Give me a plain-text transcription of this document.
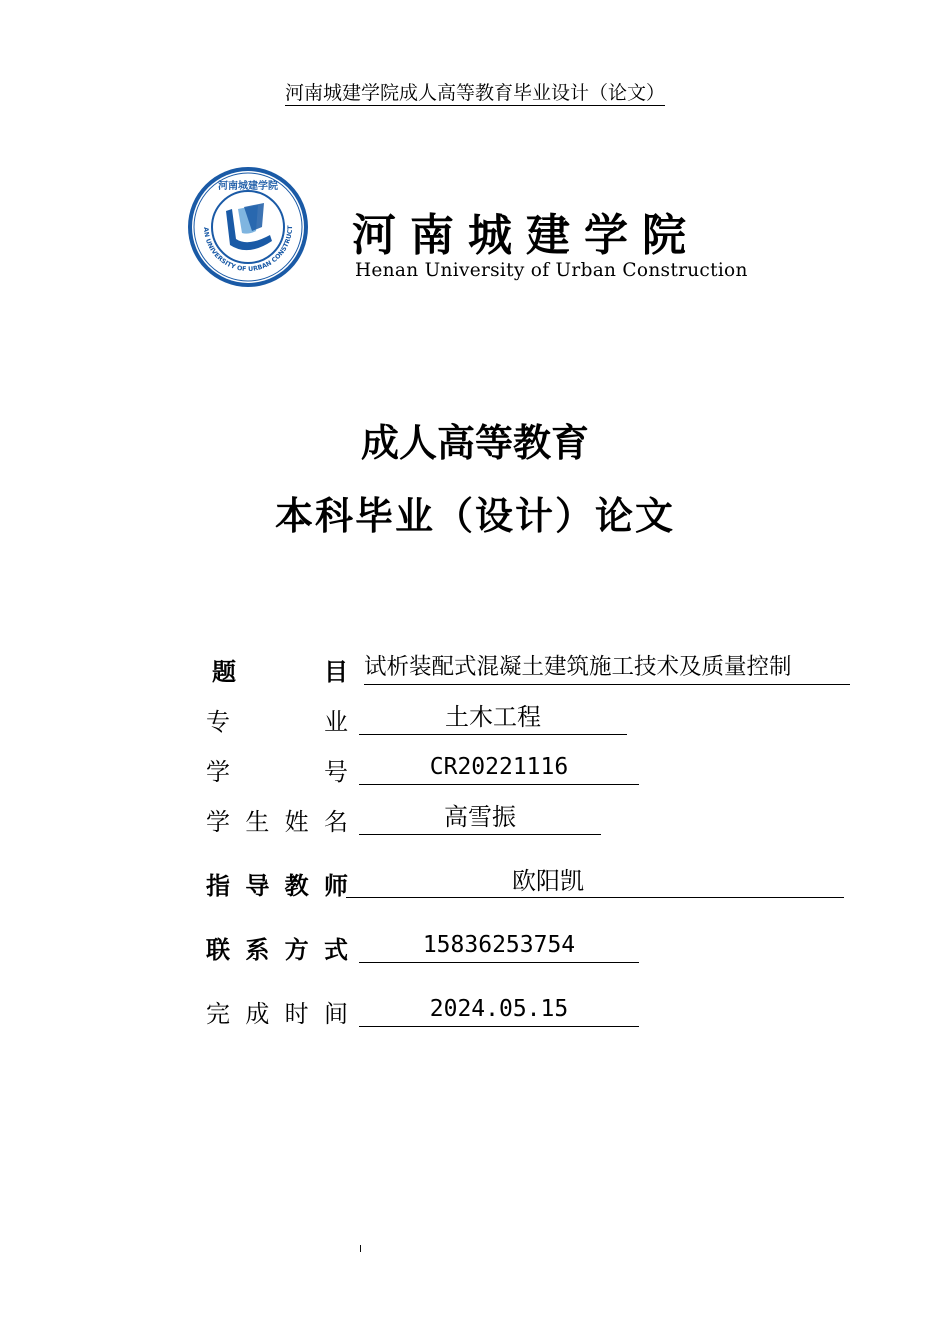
河南城建学院成人高等教育毕业设计（论文）
AN UNIVERSITY OF URBAN CONSTRUCT
河南城建学院
河南城建学院
Henan University of Urban Construction
成人高等教育
本科毕业（设计）论文
题	目 试析装配式混凝土建筑施工技术及质量控制
专	业	土木工程
学	号	CR20221116
学 生 姓 名	高雪振
指 导 教 师	欧阳凯
联 系 方 式	15836253754
完 成 时 间	2024.05.15
I
